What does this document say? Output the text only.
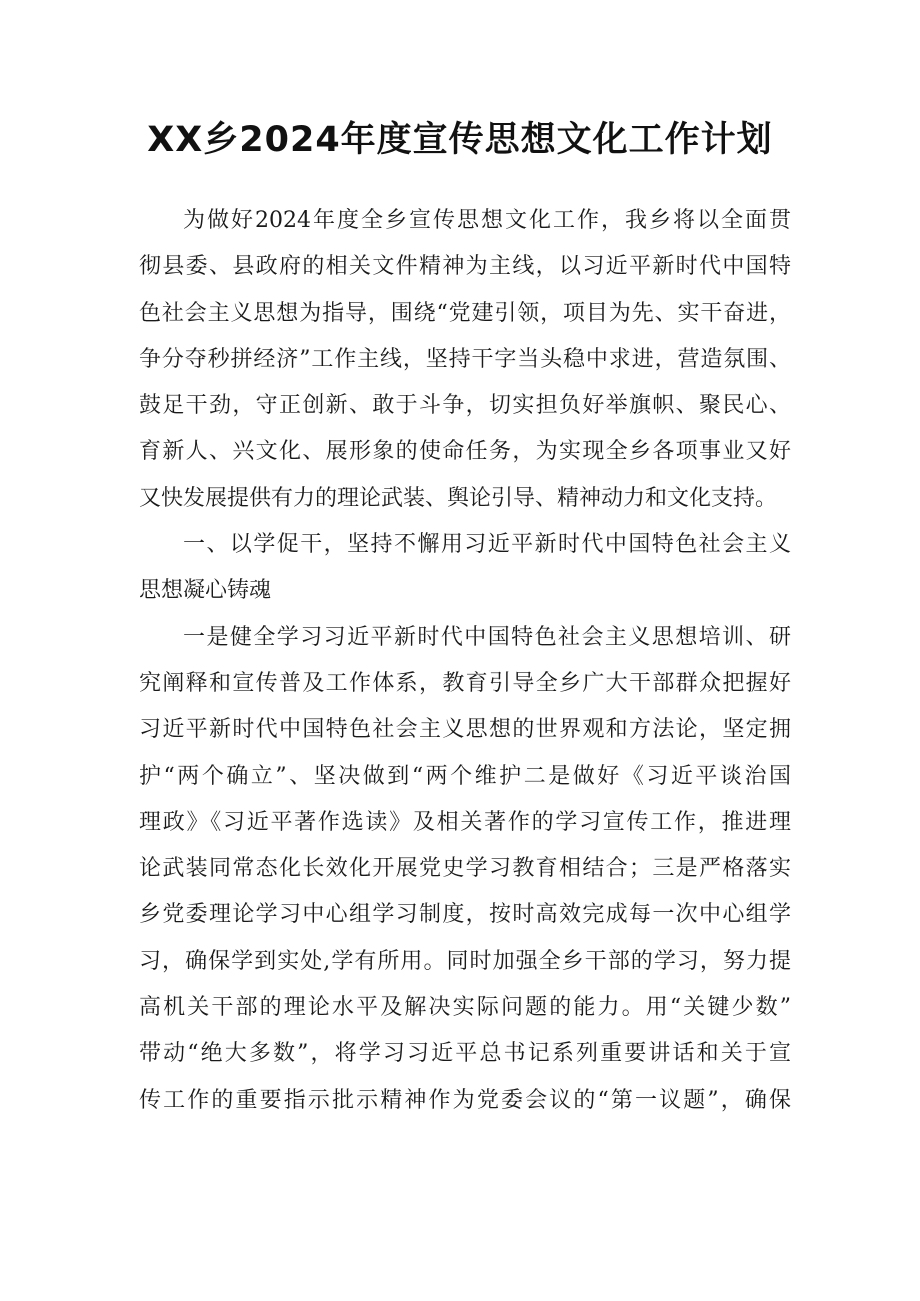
XX乡2024年度宣传思想文化工作计划
为做好2024年度全乡宣传思想文化工作，我乡将以全面贯
彻县委、县政府的相关文件精神为主线，以习近平新时代中国特
色社会主义思想为指导，围绕“党建引领，项目为先、实干奋进，
争分夺秒拼经济”工作主线，坚持干字当头稳中求进，营造氛围、
鼓足干劲，守正创新、敢于斗争，切实担负好举旗帜、聚民心、
育新人、兴文化、展形象的使命任务，为实现全乡各项事业又好
又快发展提供有力的理论武装、舆论引导、精神动力和文化支持。
一、以学促干，坚持不懈用习近平新时代中国特色社会主义
思想凝心铸魂
一是健全学习习近平新时代中国特色社会主义思想培训、研
究阐释和宣传普及工作体系，教育引导全乡广大干部群众把握好
习近平新时代中国特色社会主义思想的世界观和方法论，坚定拥
护“两个确立”、坚决做到“两个维护二是做好《习近平谈治国
理政》《习近平著作选读》及相关著作的学习宣传工作，推进理
论武装同常态化长效化开展党史学习教育相结合；三是严格落实
乡党委理论学习中心组学习制度，按时高效完成每一次中心组学
习，确保学到实处,学有所用。同时加强全乡干部的学习，努力提
高机关干部的理论水平及解决实际问题的能力。用“关键少数”
带动“绝大多数”，将学习习近平总书记系列重要讲话和关于宣
传工作的重要指示批示精神作为党委会议的“第一议题”，确保
